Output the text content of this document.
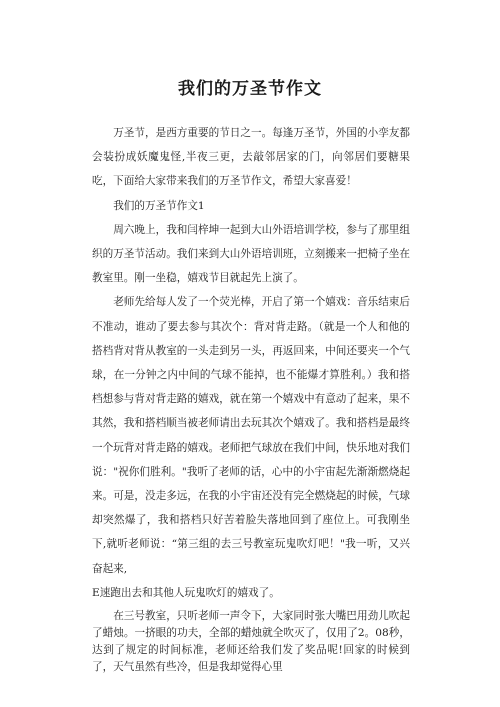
我们的万圣节作文

万圣节，是西方重要的节日之一。每逢万圣节，外国的小孪友都会装扮成妖魔鬼怪,半夜三更，去敲邻居家的门，向邻居们要糖果吃，下面给大家带来我们的万圣节作文，希望大家喜爱！

我们的万圣节作文1

周六晚上，我和闫梓坤一起到大山外语培训学校，参与了那里组织的万圣节活动。我们来到大山外语培训班，立刻搬来一把椅子坐在教室里。刚一坐稳，嬉戏节目就起先上演了。

老师先给每人发了一个荧光棒，开启了第一个嬉戏：音乐结束后不准动，谁动了要去参与其次个：背对背走路。（就是一个人和他的搭档背对背从教室的一头走到另一头，再返回来，中间还要夹一个气球，在一分钟之内中间的气球不能掉，也不能爆才算胜利。）我和搭档想参与背对背走路的嬉戏，就在第一个嬉戏中有意动了起来，果不其然，我和搭档顺当被老师请出去玩其次个嬉戏了。我和搭档是最终一个玩背对背走路的嬉戏。老师把气球放在我们中间，快乐地对我们说："祝你们胜利。"我听了老师的话，心中的小宇宙起先渐渐燃烧起来。可是，没走多远，在我的小宇宙还没有完全燃烧起的时候，气球却突然爆了，我和搭档只好苦着脸失落地回到了座位上。可我刚坐下,就听老师说：“第三组的去三号教室玩鬼吹灯吧！"我一听，又兴奋起来,

E速跑出去和其他人玩鬼吹灯的嬉戏了。

在三号教室，只听老师一声令下，大家同时张大嘴巴用劲儿吹起了蜡烛。一挤眼的功夫，全部的蜡烛就全吹灭了，仅用了2。08秒，达到了规定的时间标准，老师还给我们发了奖品呢!回家的时候到了，天气虽然有些冷，但是我却觉得心里
